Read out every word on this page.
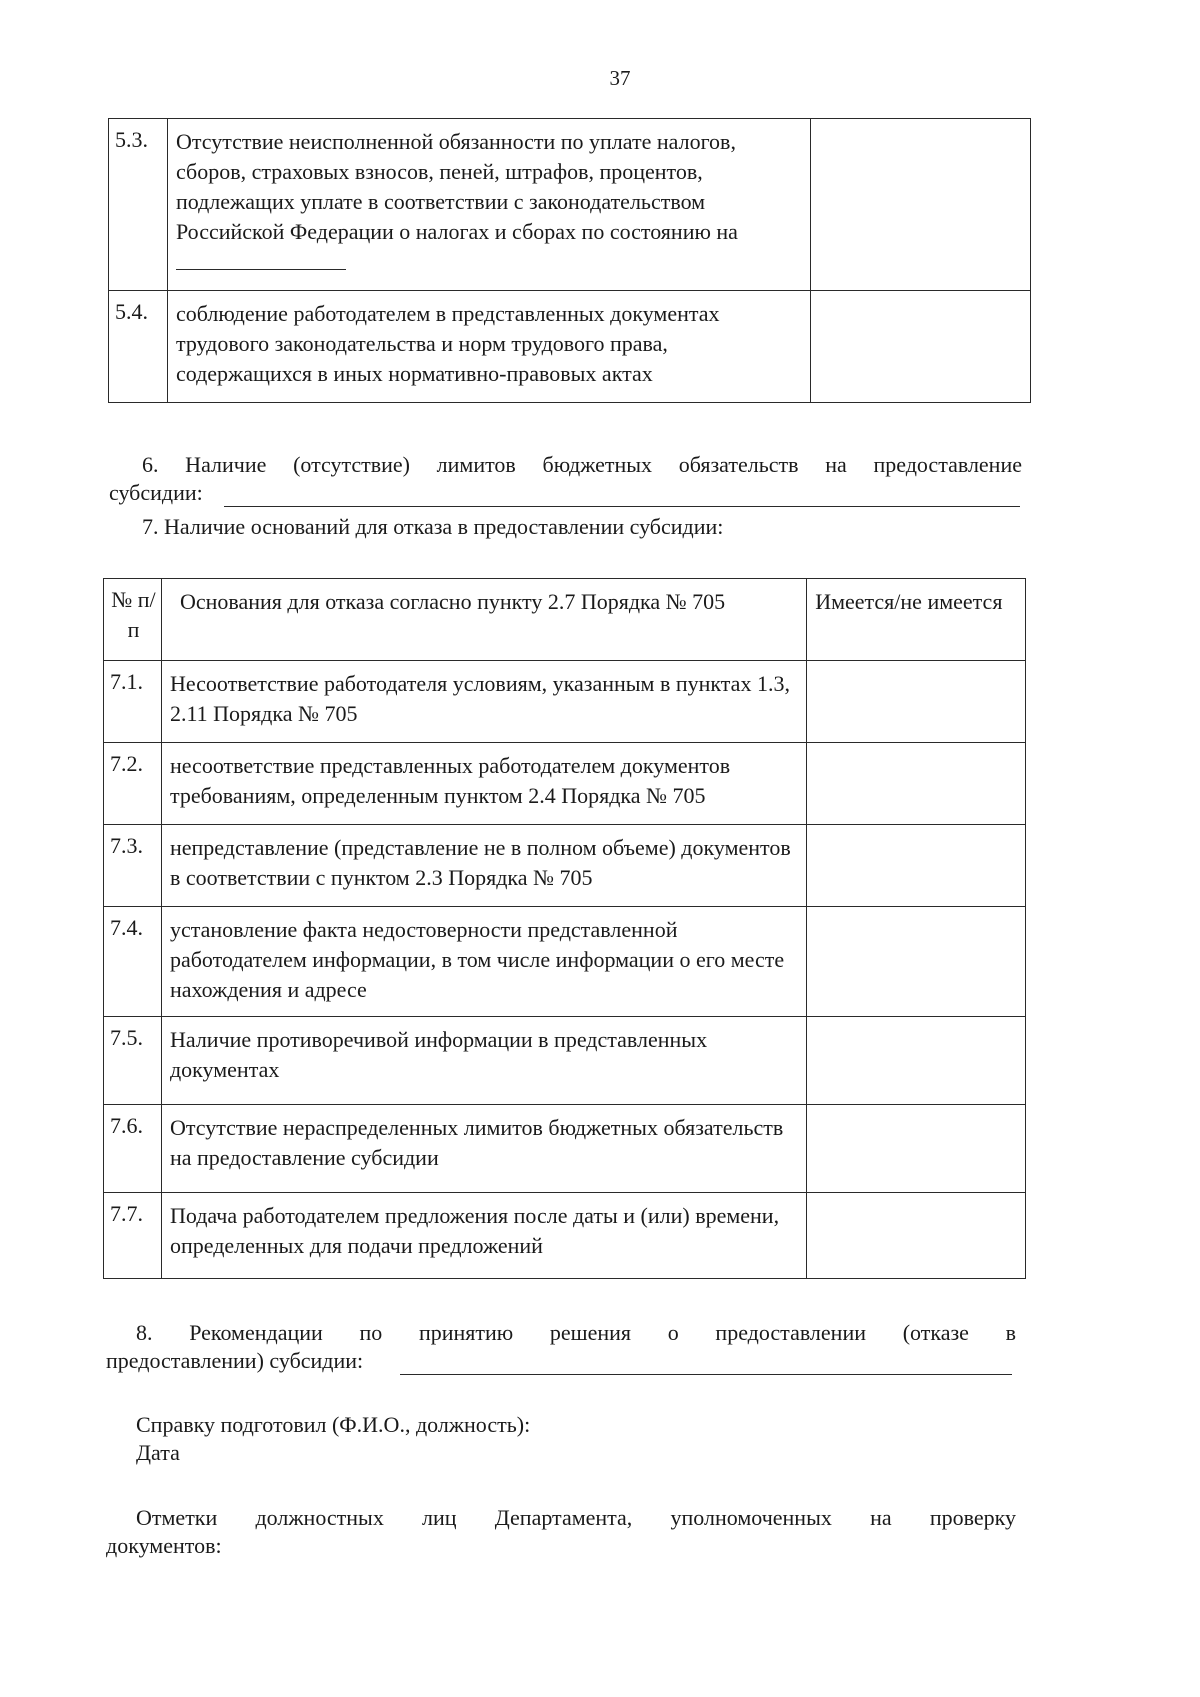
37
5.3.	Отсутствие неисполненной обязанности по уплате налогов, сборов, страховых взносов, пеней, штрафов, процентов, подлежащих уплате в соответствии с законодательством Российской Федерации о налогах и сборах по состоянию на

5.4.	соблюдение работодателем в представленных документах трудового законодательства и норм трудового права, содержащихся в иных нормативно-правовых актах	
6. Наличие (отсутствие) лимитов бюджетных обязательств на предоставление
субсидии:
7. Наличие оснований для отказа в предоставлении субсидии:
№ п/п	Основания для отказа согласно пункту 2.7 Порядка № 705	Имеется/не имеется
7.1.	Несоответствие работодателя условиям, указанным в пунктах 1.3, 2.11 Порядка № 705	
7.2.	несоответствие представленных работодателем документов требованиям, определенным пунктом 2.4 Порядка № 705	
7.3.	непредставление (представление не в полном объеме) документов в соответствии с пунктом 2.3 Порядка № 705	
7.4.	установление факта недостоверности представленной работодателем информации, в том числе информации о его месте нахождения и адресе	
7.5.	Наличие противоречивой информации в представленных документах	
7.6.	Отсутствие нераспределенных лимитов бюджетных обязательств на предоставление субсидии	
7.7.	Подача работодателем предложения после даты и (или) времени, определенных для подачи предложений	
8. Рекомендации по принятию решения о предоставлении (отказе в
предоставлении) субсидии:
Справку подготовил (Ф.И.О., должность):
Дата
Отметки должностных лиц Департамента, уполномоченных на проверку
документов:
